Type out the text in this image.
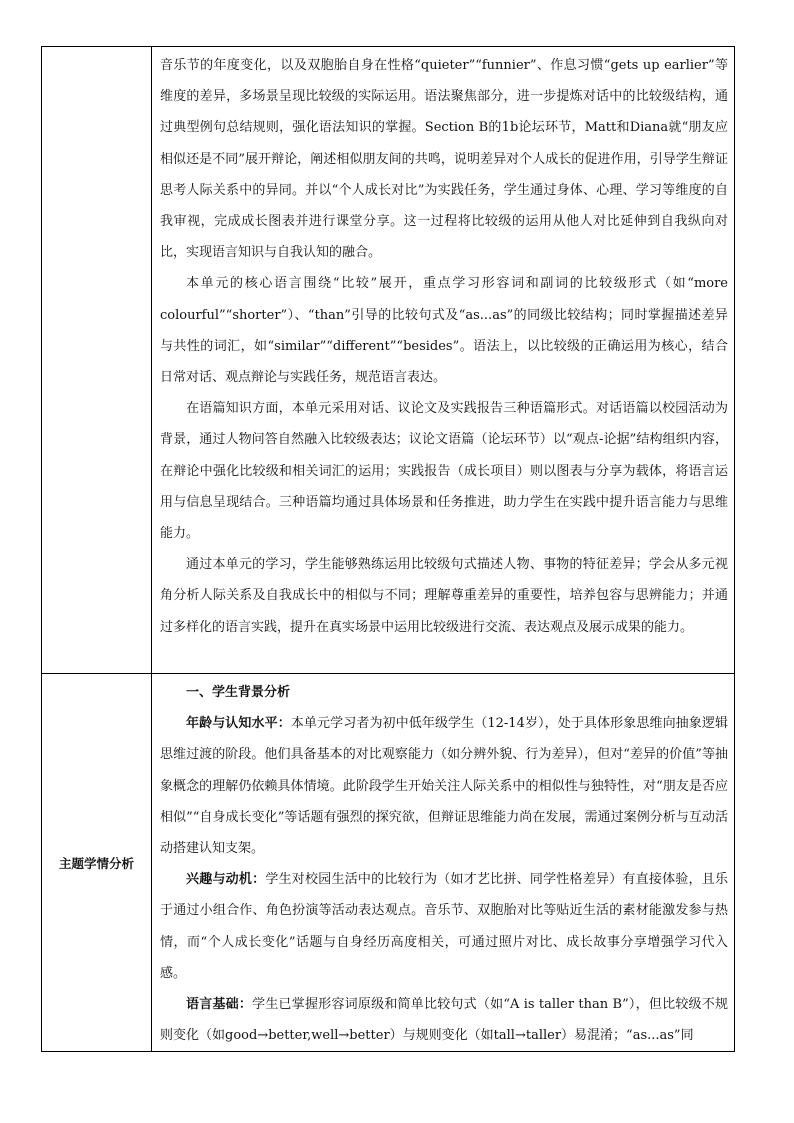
	音乐节的年度变化，以及双胞胎自身在性格“quieter”“funnier”、作息习惯“gets up earlier”等维度的差异，多场景呈现比较级的实际运用。语法聚焦部分，进一步提炼对话中的比较级结构，通过典型例句总结规则，强化语法知识的掌握。Section B的1b论坛环节，Matt和Diana就“朋友应相似还是不同”展开辩论，阐述相似朋友间的共鸣，说明差异对个人成长的促进作用，引导学生辩证思考人际关系中的异同。并以“个人成长对比”为实践任务，学生通过身体、心理、学习等维度的自我审视，完成成长图表并进行课堂分享。这一过程将比较级的运用从他人对比延伸到自我纵向对比，实现语言知识与自我认知的融合。

本单元的核心语言围绕“比较”展开，重点学习形容词和副词的比较级形式（如“more colourful”“shorter”）、“than”引导的比较句式及“as...as”的同级比较结构；同时掌握描述差异与共性的词汇，如“similar”“different”“besides”。语法上，以比较级的正确运用为核心，结合日常对话、观点辩论与实践任务，规范语言表达。

在语篇知识方面，本单元采用对话、议论文及实践报告三种语篇形式。对话语篇以校园活动为背景，通过人物问答自然融入比较级表达；议论文语篇（论坛环节）以“观点-论据”结构组织内容，在辩论中强化比较级和相关词汇的运用；实践报告（成长项目）则以图表与分享为载体，将语言运用与信息呈现结合。三种语篇均通过具体场景和任务推进，助力学生在实践中提升语言能力与思维能力。

通过本单元的学习，学生能够熟练运用比较级句式描述人物、事物的特征差异；学会从多元视角分析人际关系及自我成长中的相似与不同；理解尊重差异的重要性，培养包容与思辨能力；并通过多样化的语言实践，提升在真实场景中运用比较级进行交流、表达观点及展示成果的能力。

主题学情分析	一、学生背景分析

年龄与认知水平：本单元学习者为初中低年级学生（12-14岁），处于具体形象思维向抽象逻辑思维过渡的阶段。他们具备基本的对比观察能力（如分辨外貌、行为差异），但对“差异的价值”等抽象概念的理解仍依赖具体情境。此阶段学生开始关注人际关系中的相似性与独特性，对“朋友是否应相似”“自身成长变化”等话题有强烈的探究欲，但辩证思维能力尚在发展，需通过案例分析与互动活动搭建认知支架。

兴趣与动机：学生对校园生活中的比较行为（如才艺比拼、同学性格差异）有直接体验，且乐于通过小组合作、角色扮演等活动表达观点。音乐节、双胞胎对比等贴近生活的素材能激发参与热情，而“个人成长变化”话题与自身经历高度相关，可通过照片对比、成长故事分享增强学习代入感。

语言基础：学生已掌握形容词原级和简单比较句式（如“A is taller than B”），但比较级不规则变化（如good→better,well→better）与规则变化（如tall→taller）易混淆；“as...as”同
